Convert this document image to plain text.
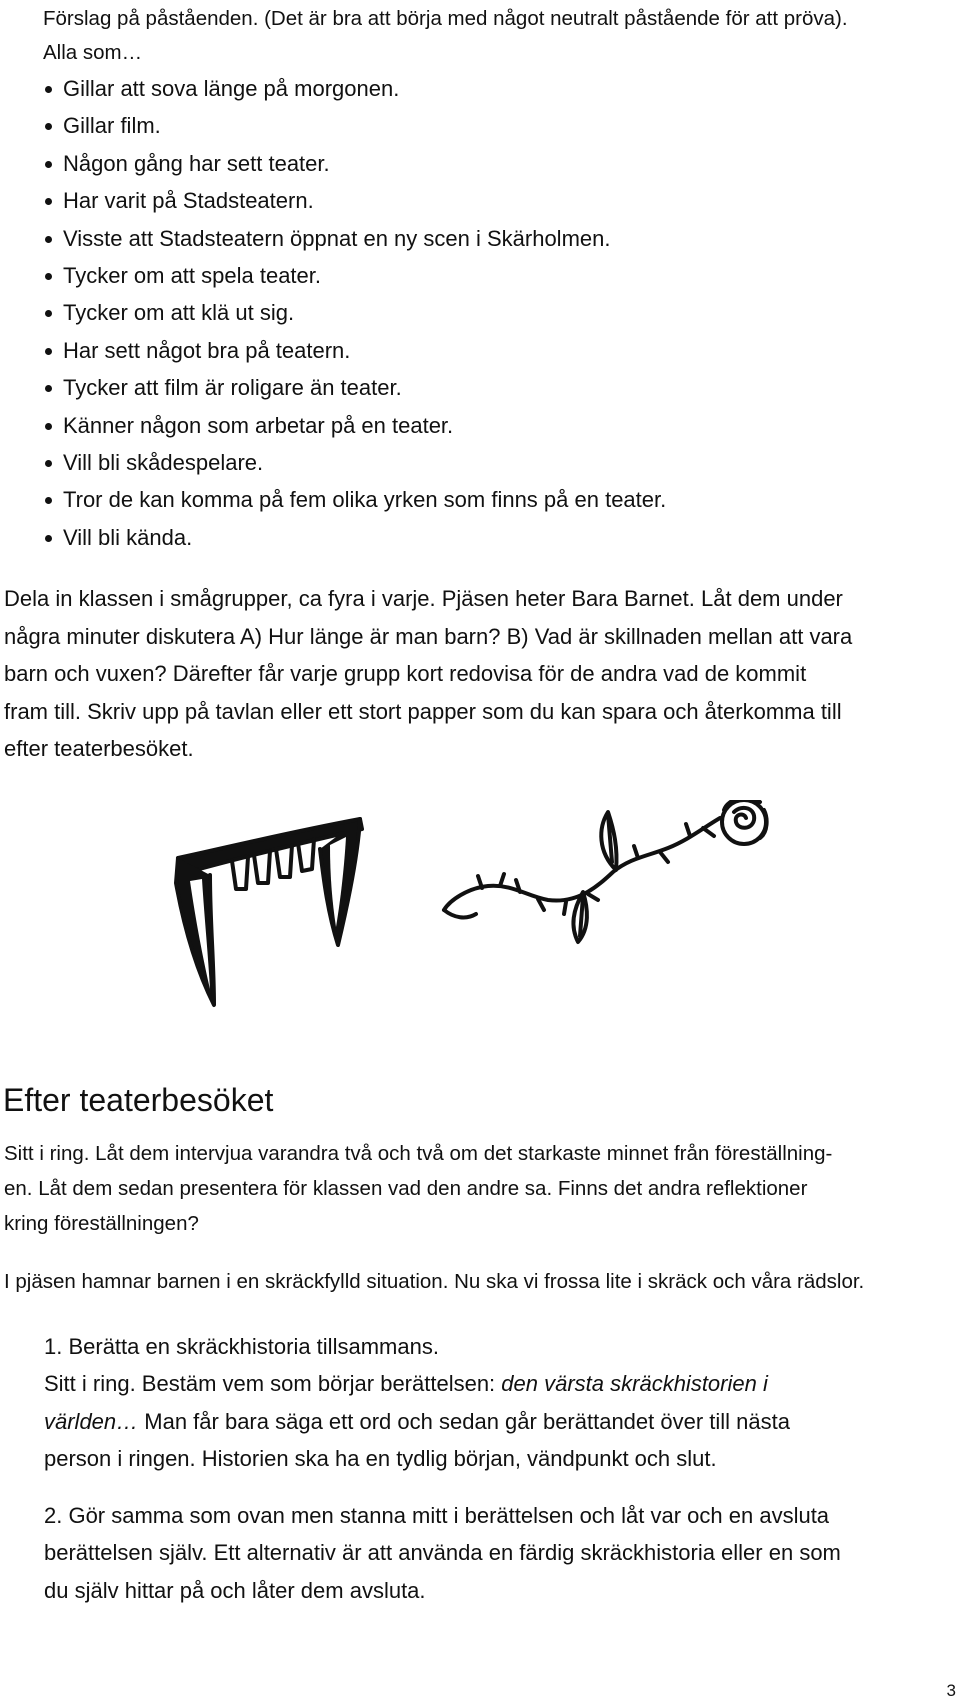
Förslag på påståenden. (Det är bra att börja med något neutralt påstående för att pröva).
Alla som…
Gillar att sova länge på morgonen.
Gillar film.
Någon gång har sett teater.
Har varit på Stadsteatern.
Visste att Stadsteatern öppnat en ny scen i Skärholmen.
Tycker om att spela teater.
Tycker om att klä ut sig.
Har sett något bra på teatern.
Tycker att film är roligare än teater.
Känner någon som arbetar på en teater.
Vill bli skådespelare.
Tror de kan komma på fem olika yrken som finns på en teater.
Vill bli kända.
Dela in klassen i smågrupper, ca fyra i varje. Pjäsen heter Bara Barnet. Låt dem under
några minuter diskutera A) Hur länge är man barn? B) Vad är skillnaden mellan att vara
barn och vuxen? Därefter får varje grupp kort redovisa för de andra vad de kommit
fram till. Skriv upp på tavlan eller ett stort papper som du kan spara och återkomma till
efter teaterbesöket.
Efter teaterbesöket
Sitt i ring. Låt dem intervjua varandra två och två om det starkaste minnet från föreställning-
en. Låt dem sedan presentera för klassen vad den andre sa. Finns det andra reflektioner
kring föreställningen?
I pjäsen hamnar barnen i en skräckfylld situation. Nu ska vi frossa lite i skräck och våra rädslor.
1. Berätta en skräckhistoria tillsammans.
Sitt i ring. Bestäm vem som börjar berättelsen: den värsta skräckhistorien i
världen… Man får bara säga ett ord och sedan går berättandet över till nästa
person i ringen. Historien ska ha en tydlig början, vändpunkt och slut.
2. Gör samma som ovan men stanna mitt i berättelsen och låt var och en avsluta
berättelsen själv. Ett alternativ är att använda en färdig skräckhistoria eller en som
du själv hittar på och låter dem avsluta.
3
